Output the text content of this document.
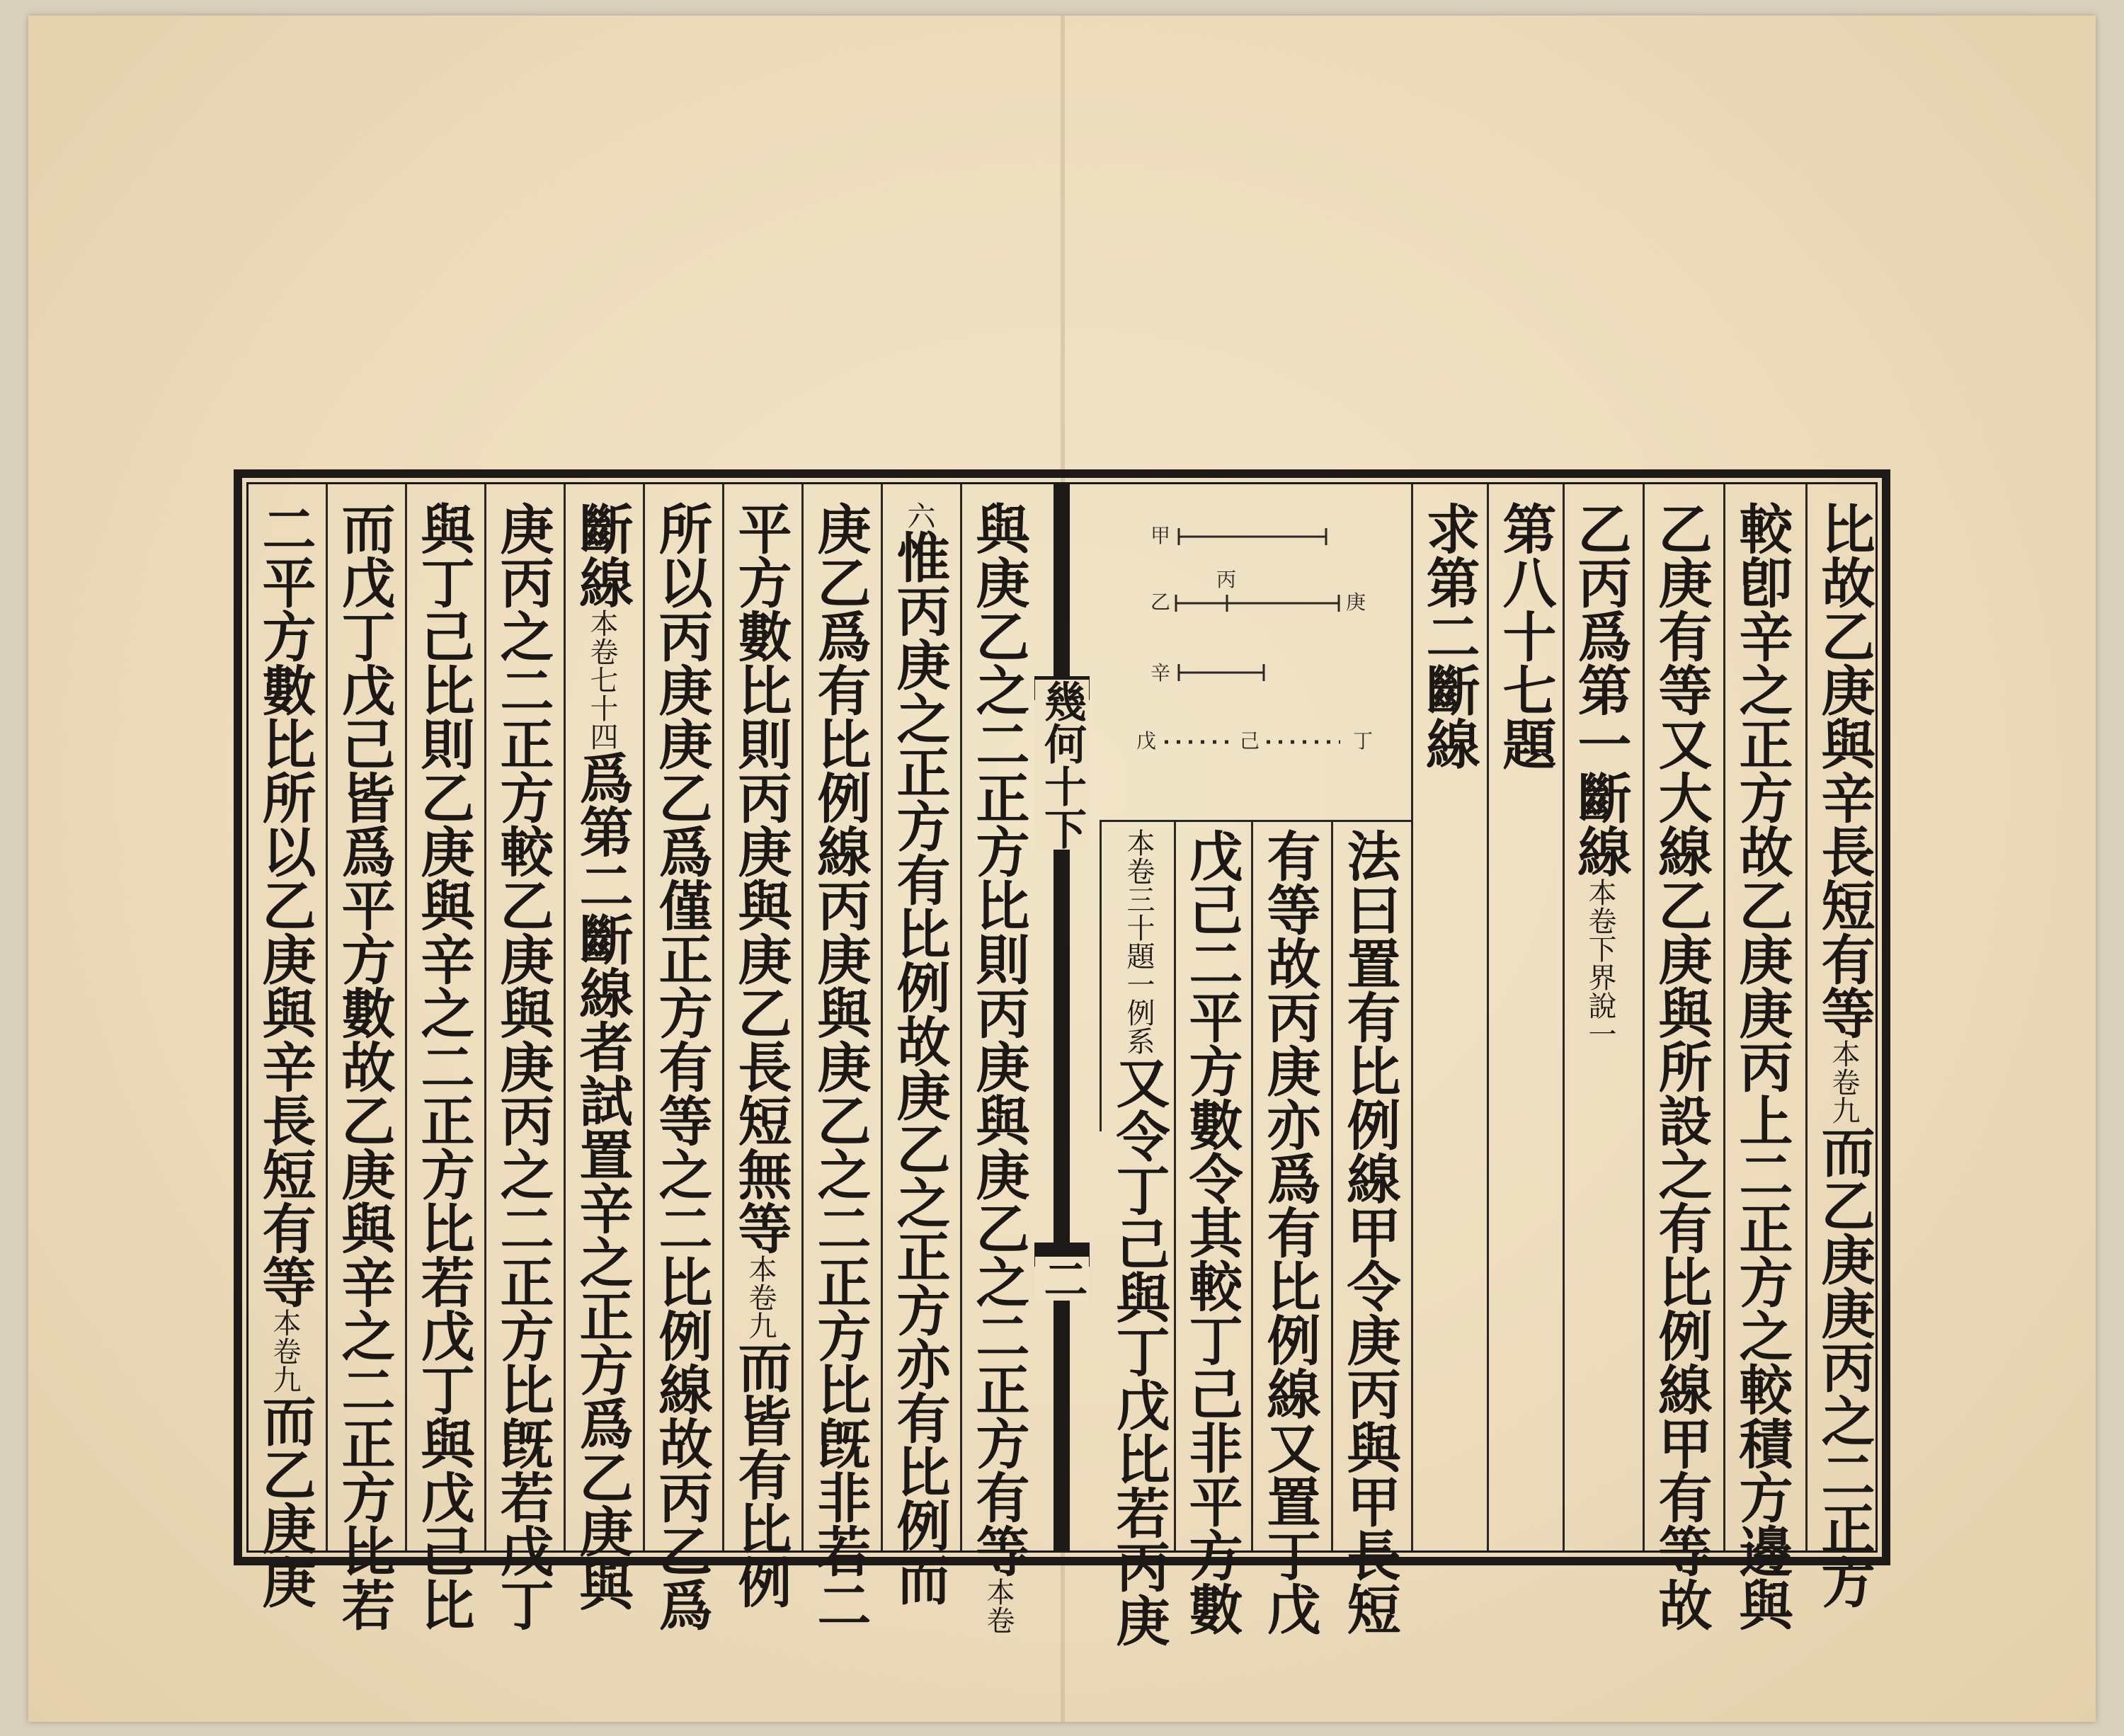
幾何十下
二
比故乙庚與辛長短有等本卷九而乙庚庚丙之二正方
較卽辛之正方故乙庚庚丙上二正方之較積方邊與
乙庚有等又大線乙庚與所設之有比例線甲有等故
乙丙爲第一斷線本卷下界說一
第八十七題
求第二斷線
法曰置有比例線甲令庚丙與甲長短
有等故丙庚亦爲有比例線又置丁戊
戊己二平方數令其較丁己非平方數
本卷三十題一例系又令丁己與丁戊比若丙庚
與庚乙之二正方比則丙庚與庚乙之二正方有等本卷
六惟丙庚之正方有比例故庚乙之正方亦有比例而
庚乙爲有比例線丙庚與庚乙之二正方比旣非若二
平方數比則丙庚與庚乙長短無等本卷九而皆有比例
所以丙庚庚乙爲僅正方有等之二比例線故丙乙爲
斷線本卷七十四爲第二斷線者試置辛之正方爲乙庚與
庚丙之二正方較乙庚與庚丙之二正方比旣若戊丁
與丁己比則乙庚與辛之二正方比若戊丁與戊己比
而戊丁戊己皆爲平方數故乙庚與辛之二正方比若
二平方數比所以乙庚與辛長短有等本卷九而乙庚庚
甲
乙
丙
庚
辛
戊	己	丁
